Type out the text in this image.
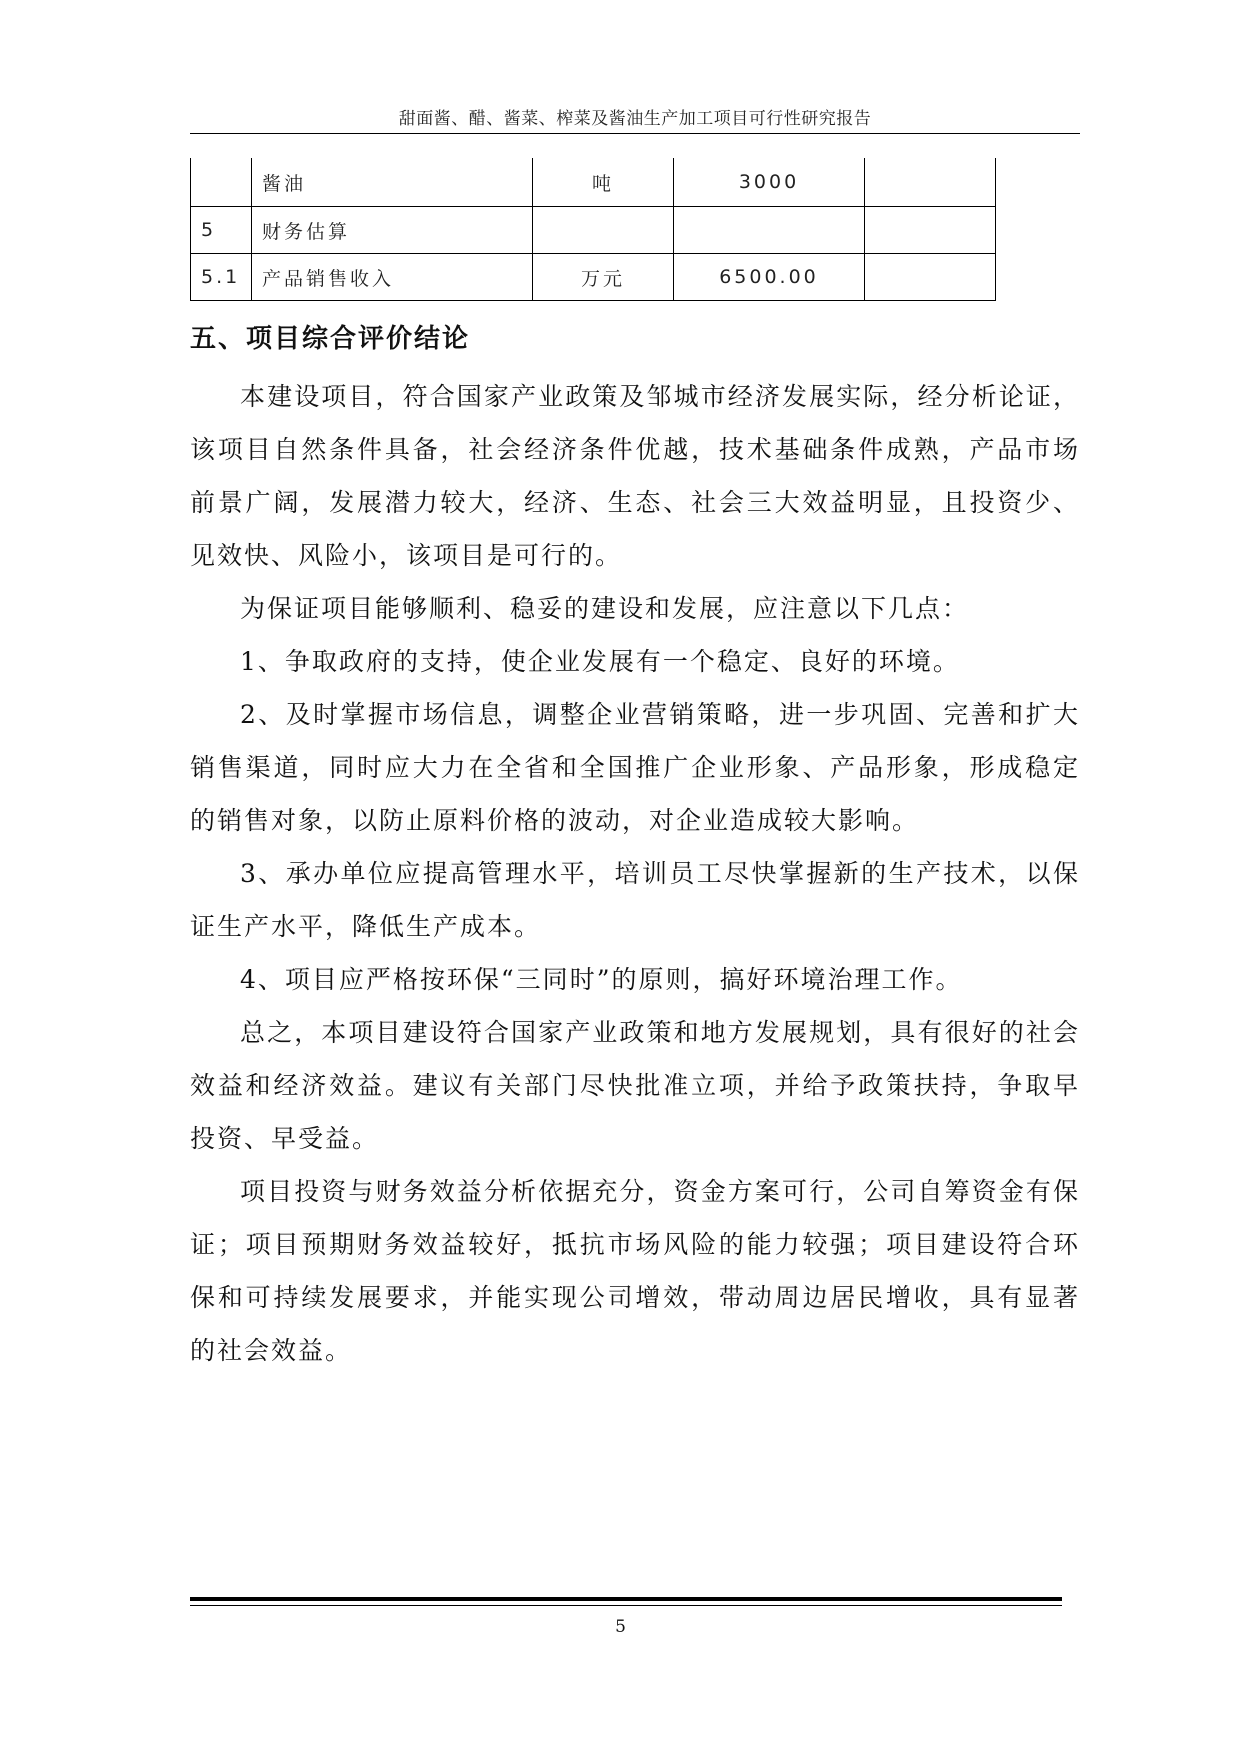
甜面酱、醋、酱菜、榨菜及酱油生产加工项目可行性研究报告
	酱油	吨	3000	
5	财务估算			
5.1	产品销售收入	万元	6500.00	
五、项目综合评价结论

本建设项目，符合国家产业政策及邹城市经济发展实际，经分析论证，该项目自然条件具备，社会经济条件优越，技术基础条件成熟，产品市场前景广阔，发展潜力较大，经济、生态、社会三大效益明显，且投资少、见效快、风险小，该项目是可行的。

为保证项目能够顺利、稳妥的建设和发展，应注意以下几点：

1、争取政府的支持，使企业发展有一个稳定、良好的环境。

2、及时掌握市场信息，调整企业营销策略，进一步巩固、完善和扩大销售渠道，同时应大力在全省和全国推广企业形象、产品形象，形成稳定的销售对象，以防止原料价格的波动，对企业造成较大影响。

3、承办单位应提高管理水平，培训员工尽快掌握新的生产技术，以保证生产水平，降低生产成本。

4、项目应严格按环保“三同时”的原则，搞好环境治理工作。

总之，本项目建设符合国家产业政策和地方发展规划，具有很好的社会效益和经济效益。建议有关部门尽快批准立项，并给予政策扶持，争取早投资、早受益。

项目投资与财务效益分析依据充分，资金方案可行，公司自筹资金有保证；项目预期财务效益较好，抵抗市场风险的能力较强；项目建设符合环保和可持续发展要求，并能实现公司增效，带动周边居民增收，具有显著的社会效益。

5
